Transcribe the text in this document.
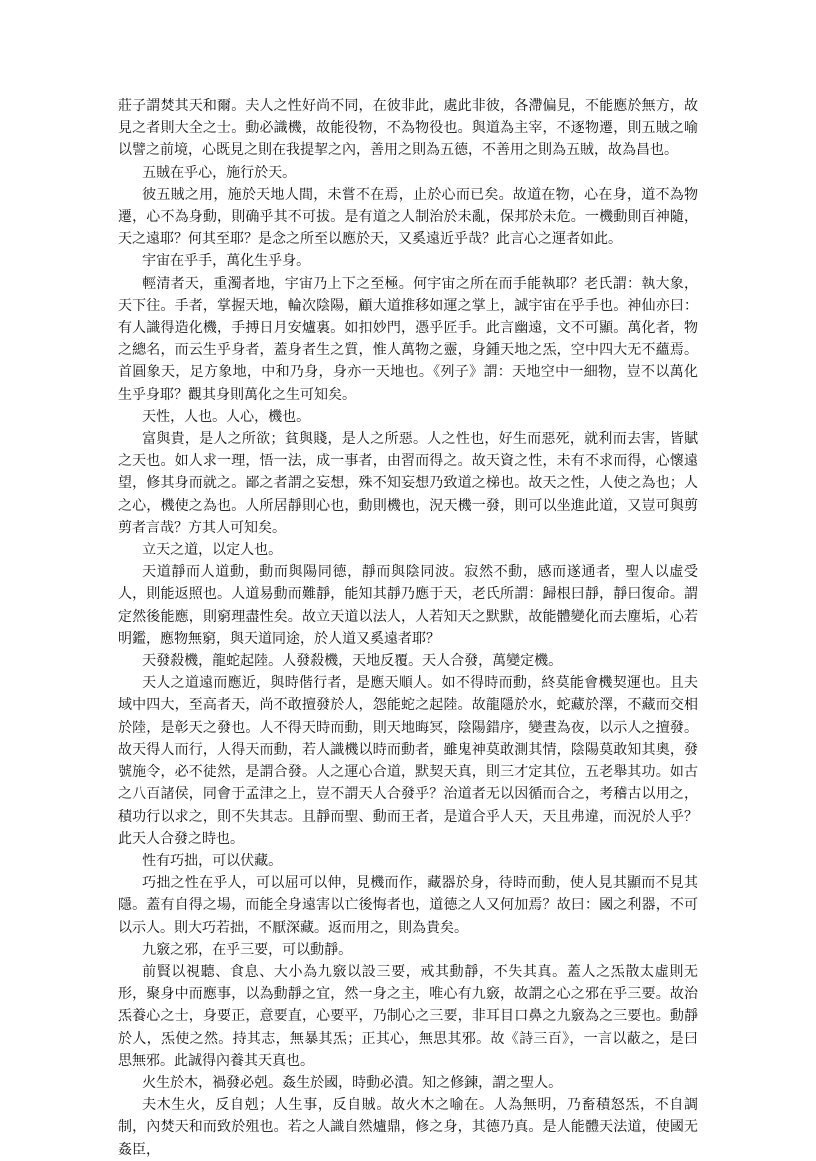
莊子謂焚其天和爾。夫人之性好尚不同，在彼非此，處此非彼，各滯偏見，不能應於無方，故見之者則大全之士。動必識機，故能役物，不為物役也。與道為主宰，不逐物遷，則五賊之喻以譬之前境，心既見之則在我提挈之內，善用之則為五德，不善用之則為五賊，故為昌也。

五賊在乎心，施行於天。

彼五賊之用，施於天地人間，未嘗不在焉，止於心而已矣。故道在物，心在身，道不為物遷，心不為身動，則确乎其不可拔。是有道之人制治於未亂，保邦於未危。一機動則百神隨，天之遠耶？何其至耶？是念之所至以應於天，又奚遠近乎哉？此言心之運者如此。

宇宙在乎手，萬化生乎身。

輕清者天，重濁者地，宇宙乃上下之至極。何宇宙之所在而手能執耶？老氏謂：執大象，天下往。手者，掌握天地，輪次陰陽，顧大道推移如運之掌上，誠宇宙在乎手也。神仙亦曰：有人識得造化機，手搏日月安爐裏。如扣妙門，憑乎匠手。此言幽遠，文不可顯。萬化者，物之總名，而云生乎身者，蓋身者生之質，惟人萬物之靈，身鍾天地之炁，空中四大无不蘊焉。首圓象天，足方象地，中和乃身，身亦一天地也。《列子》謂：天地空中一細物，豈不以萬化生乎身耶？觀其身則萬化之生可知矣。

天性，人也。人心，機也。

富與貴，是人之所欲；貧與賤，是人之所惡。人之性也，好生而惡死，就利而去害，皆賦之天也。如人求一理，悟一法，成一事者，由習而得之。故天資之性，未有不求而得，心懷遠望，修其身而就之。鄙之者謂之妄想，殊不知妄想乃致道之梯也。故天之性，人使之為也；人之心，機使之為也。人所居靜則心也，動則機也，況天機一發，則可以坐進此道，又豈可與剪剪者言哉？方其人可知矣。

立天之道，以定人也。

天道靜而人道動，動而與陽同德，靜而與陰同波。寂然不動，感而遂通者，聖人以虛受人，則能返照也。人道易動而難靜，能知其靜乃應于天，老氏所謂：歸根曰靜，靜曰復命。謂定然後能應，則窮理盡性矣。故立天道以法人，人若知天之默默，故能體變化而去塵垢，心若明鑑，應物無窮，與天道同途，於人道又奚遠者耶？

天發殺機，龍蛇起陸。人發殺機，天地反覆。天人合發，萬變定機。

天人之道遠而應近，與時偕行者，是應天順人。如不得時而動，終莫能會機契運也。且夫域中四大，至高者天，尚不敢擅發於人，怨能蛇之起陸。故龍隱於水，蛇藏於澤，不藏而交相於陸，是彰天之發也。人不得天時而動，則天地晦冥，陰陽錯序，變晝為夜，以示人之擅發。故天得人而行，人得天而動，若人識機以時而動者，雖鬼神莫敢測其情，陰陽莫敢知其奧，發號施令，必不徒然，是謂合發。人之運心合道，默契天真，則三才定其位，五老舉其功。如古之八百諸侯，同會于孟津之上，豈不謂天人合發乎？治道者无以因循而合之，考稽古以用之，積功行以求之，則不失其志。且靜而聖、動而王者，是道合乎人天，天且弗違，而況於人乎？此天人合發之時也。

性有巧拙，可以伏藏。

巧拙之性在乎人，可以屈可以伸，見機而作，藏器於身，待時而動，使人見其顯而不見其隱。蓋有自得之場，而能全身遠害以亡後悔者也，道德之人又何加焉？故曰：國之利器，不可以示人。則大巧若拙，不厭深藏。返而用之，則為貴矣。

九竅之邪，在乎三要，可以動靜。

前賢以視聽、食息、大小為九竅以設三要，戒其動靜，不失其真。蓋人之炁散太虛則无形，聚身中而應事，以為動靜之宜，然一身之主，唯心有九竅，故謂之心之邪在乎三要。故治炁養心之士，身要正，意要直，心要平，乃制心之三要，非耳目口鼻之九竅為之三要也。動靜於人，炁使之然。持其志，無暴其炁；正其心，無思其邪。故《詩三百》，一言以蔽之，是曰思無邪。此誠得內養其天真也。

火生於木，禍發必剋。姦生於國，時動必潰。知之修鍊，謂之聖人。

夫木生火，反自剋；人生事，反自賊。故火木之喻在。人為無明，乃畜積怒炁，不自調制，內焚天和而致於殂也。若之人識自然爐鼎，修之身，其德乃真。是人能體天法道，使國无姦臣，
